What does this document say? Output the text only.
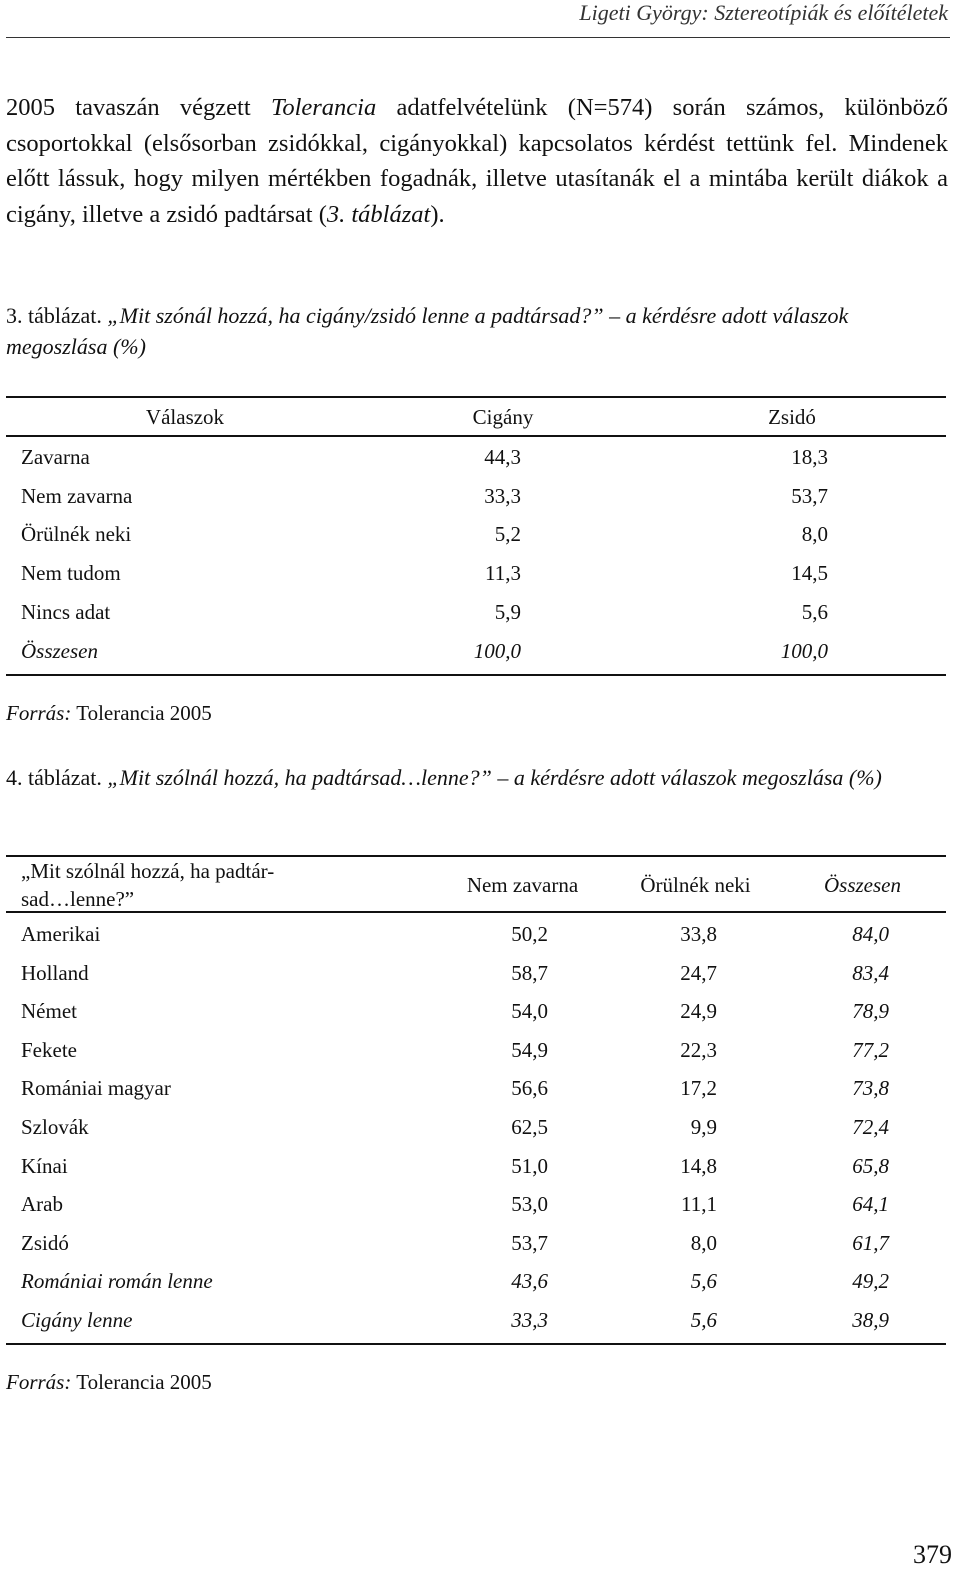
Ligeti György: Sztereotípiák és előítéletek

2005 tavaszán végzett Tolerancia adatfelvételünk (N=574) során számos, különböző csoportokkal (elsősorban zsidókkal, cigányokkal) kapcsolatos kérdést tettünk fel. Mindenek előtt lássuk, hogy milyen mértékben fogadnák, illetve utasítanák el a mintába került diákok a cigány, illetve a zsidó padtársat (3. táblázat).

3. táblázat. „Mit szónál hozzá, ha cigány/zsidó lenne a padtársad?” – a kérdésre adott válaszok megoszlása (%)
Válaszok	Cigány	Zsidó
Zavarna	44,3	18,3
Nem zavarna	33,3	53,7
Örülnék neki	5,2	8,0
Nem tudom	11,3	14,5
Nincs adat	5,9	5,6
Összesen	100,0	100,0
Forrás: Tolerancia 2005
4. táblázat. „Mit szólnál hozzá, ha padtársad…lenne?” – a kérdésre adott válaszok megoszlása (%)
„Mit szólnál hozzá, ha padtár-
sad…lenne?”
Nem zavarna	Örülnék neki	Összesen
Amerikai	50,2	33,8	84,0
Holland	58,7	24,7	83,4
Német	54,0	24,9	78,9
Fekete	54,9	22,3	77,2
Romániai magyar	56,6	17,2	73,8
Szlovák	62,5	9,9	72,4
Kínai	51,0	14,8	65,8
Arab	53,0	11,1	64,1
Zsidó	53,7	8,0	61,7
Romániai román lenne	43,6	5,6	49,2
Cigány lenne	33,3	5,6	38,9
Forrás: Tolerancia 2005
379
